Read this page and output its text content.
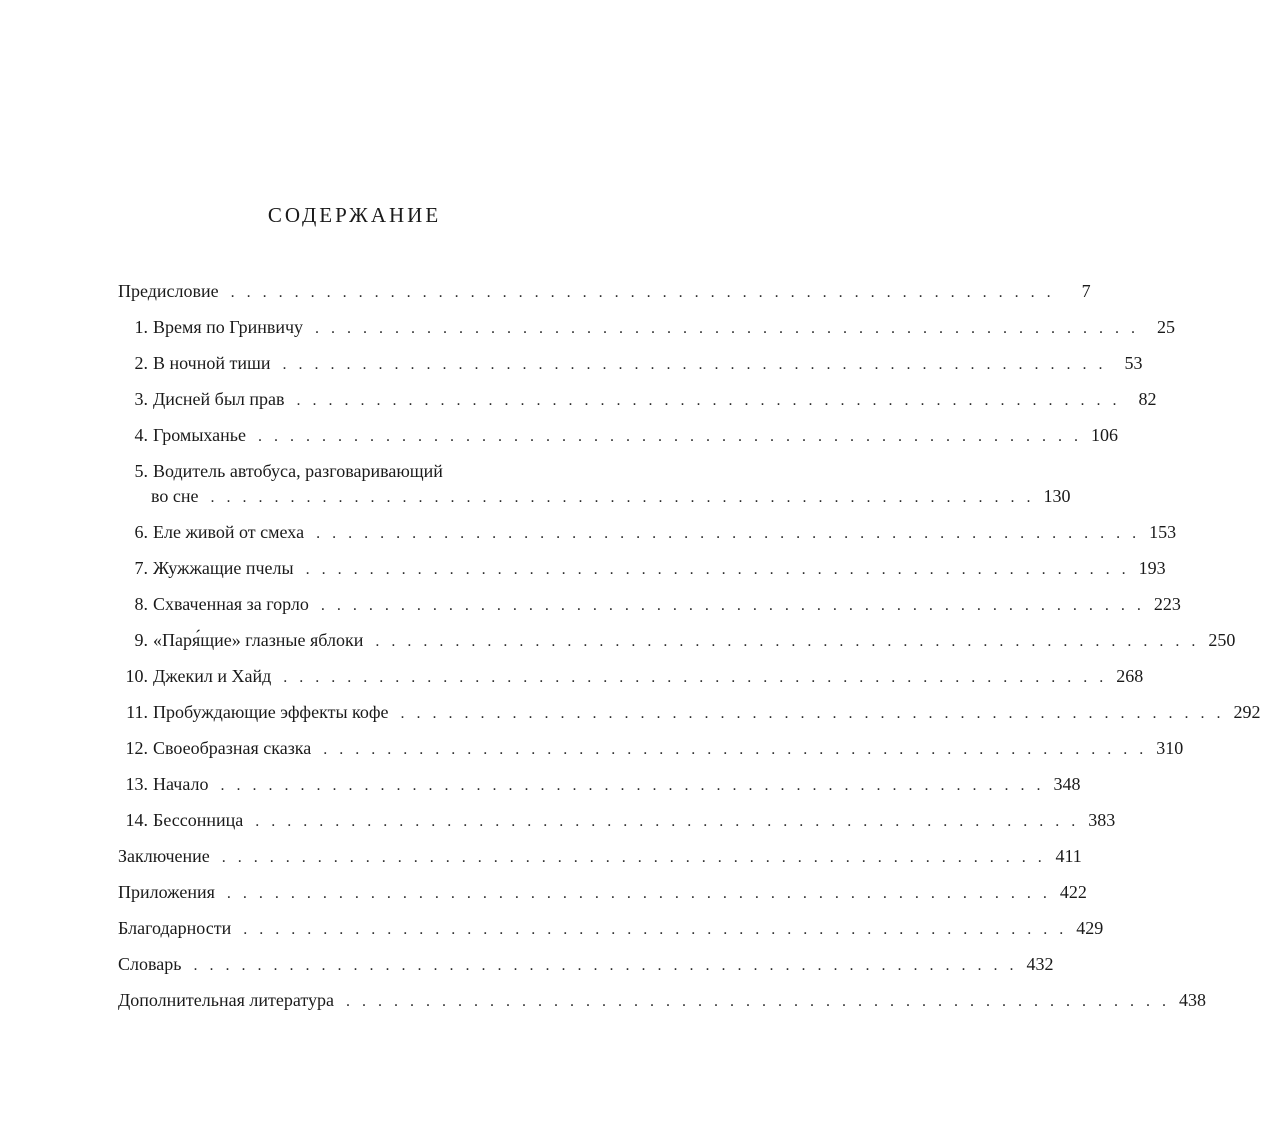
СОДЕРЖАНИЕ
Предисловие . . . . . . . . . . . . . . . . . . . . . . . . . . . . . . . . . . . . . . . . . . . . . . . . . . . .	7
1. Время по Гринвичу . . . . . . . . . . . . . . . . . . . . . . . . . . . . . . . . . . . . . . . . . . . . . . . . . . . .	25
2. В ночной тиши . . . . . . . . . . . . . . . . . . . . . . . . . . . . . . . . . . . . . . . . . . . . . . . . . . . .	53
3. Дисней был прав . . . . . . . . . . . . . . . . . . . . . . . . . . . . . . . . . . . . . . . . . . . . . . . . . . . .	82
4. Громыханье . . . . . . . . . . . . . . . . . . . . . . . . . . . . . . . . . . . . . . . . . . . . . . . . . . . . 106
5. Водитель автобуса, разговаривающий
во сне . . . . . . . . . . . . . . . . . . . . . . . . . . . . . . . . . . . . . . . . . . . . . . . . . . . . 130
6. Еле живой от смеха . . . . . . . . . . . . . . . . . . . . . . . . . . . . . . . . . . . . . . . . . . . . . . . . . . . . 153
7. Жужжащие пчелы . . . . . . . . . . . . . . . . . . . . . . . . . . . . . . . . . . . . . . . . . . . . . . . . . . . . 193
8. Схваченная за горло . . . . . . . . . . . . . . . . . . . . . . . . . . . . . . . . . . . . . . . . . . . . . . . . . . . . 223
9. «Паря́щие» глазные яблоки . . . . . . . . . . . . . . . . . . . . . . . . . . . . . . . . . . . . . . . . . . . . . . . . . . . . 250
10. Джекил и Хайд . . . . . . . . . . . . . . . . . . . . . . . . . . . . . . . . . . . . . . . . . . . . . . . . . . . . 268
11. Пробуждающие эффекты кофе . . . . . . . . . . . . . . . . . . . . . . . . . . . . . . . . . . . . . . . . . . . . . . . . . . . . 292
12. Своеобразная сказка . . . . . . . . . . . . . . . . . . . . . . . . . . . . . . . . . . . . . . . . . . . . . . . . . . . . 310
13. Начало . . . . . . . . . . . . . . . . . . . . . . . . . . . . . . . . . . . . . . . . . . . . . . . . . . . . 348
14. Бессонница . . . . . . . . . . . . . . . . . . . . . . . . . . . . . . . . . . . . . . . . . . . . . . . . . . . . 383
Заключение . . . . . . . . . . . . . . . . . . . . . . . . . . . . . . . . . . . . . . . . . . . . . . . . . . . . 411
Приложения . . . . . . . . . . . . . . . . . . . . . . . . . . . . . . . . . . . . . . . . . . . . . . . . . . . . 422
Благодарности . . . . . . . . . . . . . . . . . . . . . . . . . . . . . . . . . . . . . . . . . . . . . . . . . . . . 429
Словарь . . . . . . . . . . . . . . . . . . . . . . . . . . . . . . . . . . . . . . . . . . . . . . . . . . . . 432
Дополнительная литература . . . . . . . . . . . . . . . . . . . . . . . . . . . . . . . . . . . . . . . . . . . . . . . . . . . . 438
